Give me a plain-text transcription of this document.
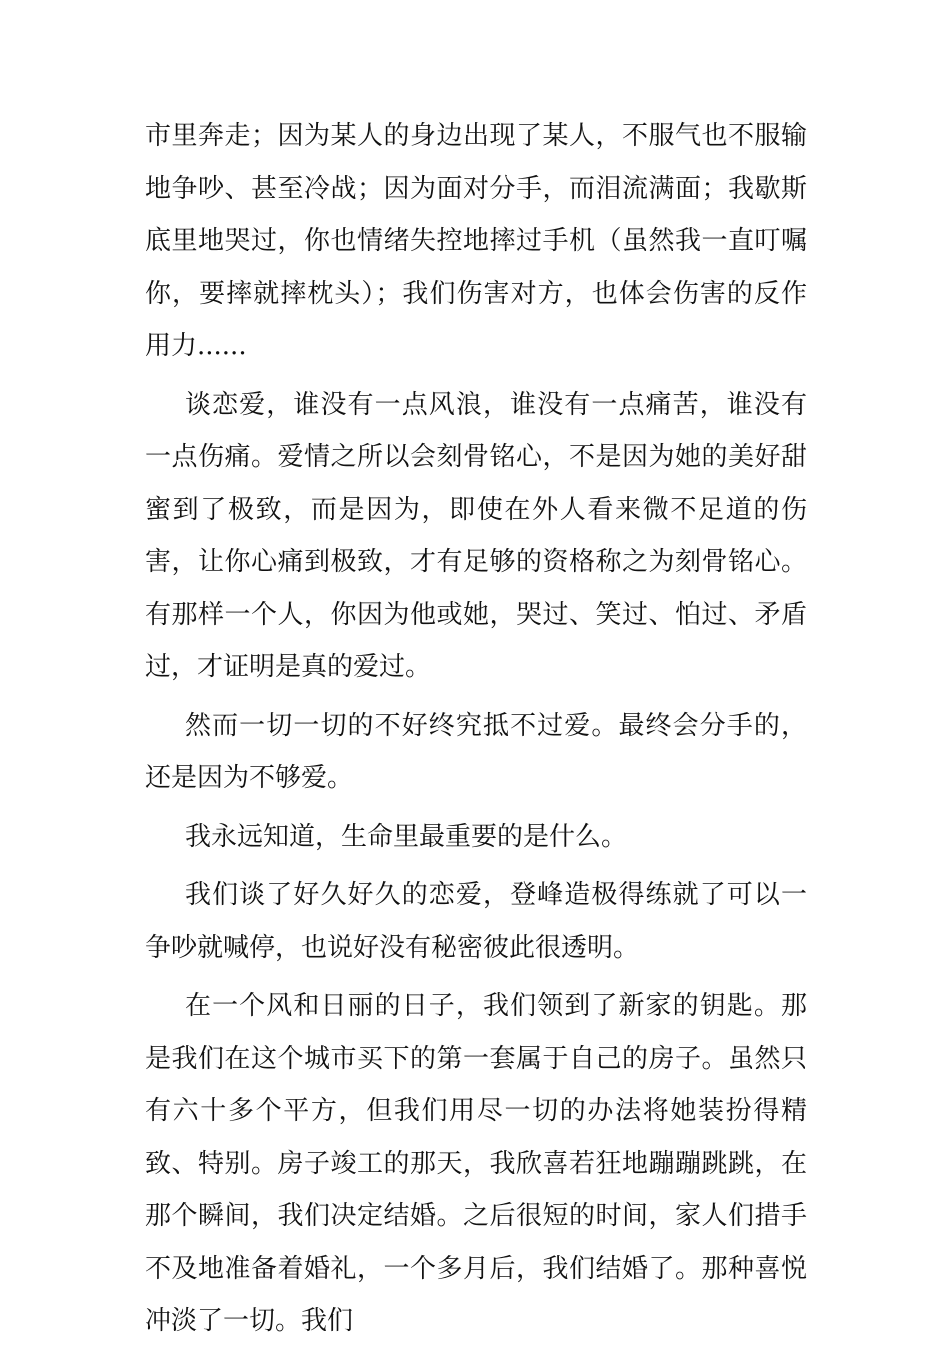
市里奔走；因为某人的身边出现了某人，不服气也不服输地争吵、甚至冷战；因为面对分手，而泪流满面；我歇斯底里地哭过，你也情绪失控地摔过手机（虽然我一直叮嘱你，要摔就摔枕头）；我们伤害对方，也体会伤害的反作用力......

谈恋爱，谁没有一点风浪，谁没有一点痛苦，谁没有一点伤痛。爱情之所以会刻骨铭心，不是因为她的美好甜蜜到了极致，而是因为，即使在外人看来微不足道的伤害，让你心痛到极致，才有足够的资格称之为刻骨铭心。有那样一个人，你因为他或她，哭过、笑过、怕过、矛盾过，才证明是真的爱过。

然而一切一切的不好终究抵不过爱。最终会分手的，还是因为不够爱。

我永远知道，生命里最重要的是什么。

我们谈了好久好久的恋爱，登峰造极得练就了可以一争吵就喊停，也说好没有秘密彼此很透明。

在一个风和日丽的日子，我们领到了新家的钥匙。那是我们在这个城市买下的第一套属于自己的房子。虽然只有六十多个平方，但我们用尽一切的办法将她装扮得精致、特别。房子竣工的那天，我欣喜若狂地蹦蹦跳跳，在那个瞬间，我们决定结婚。之后很短的时间，家人们措手不及地准备着婚礼，一个多月后，我们结婚了。那种喜悦冲淡了一切。我们
